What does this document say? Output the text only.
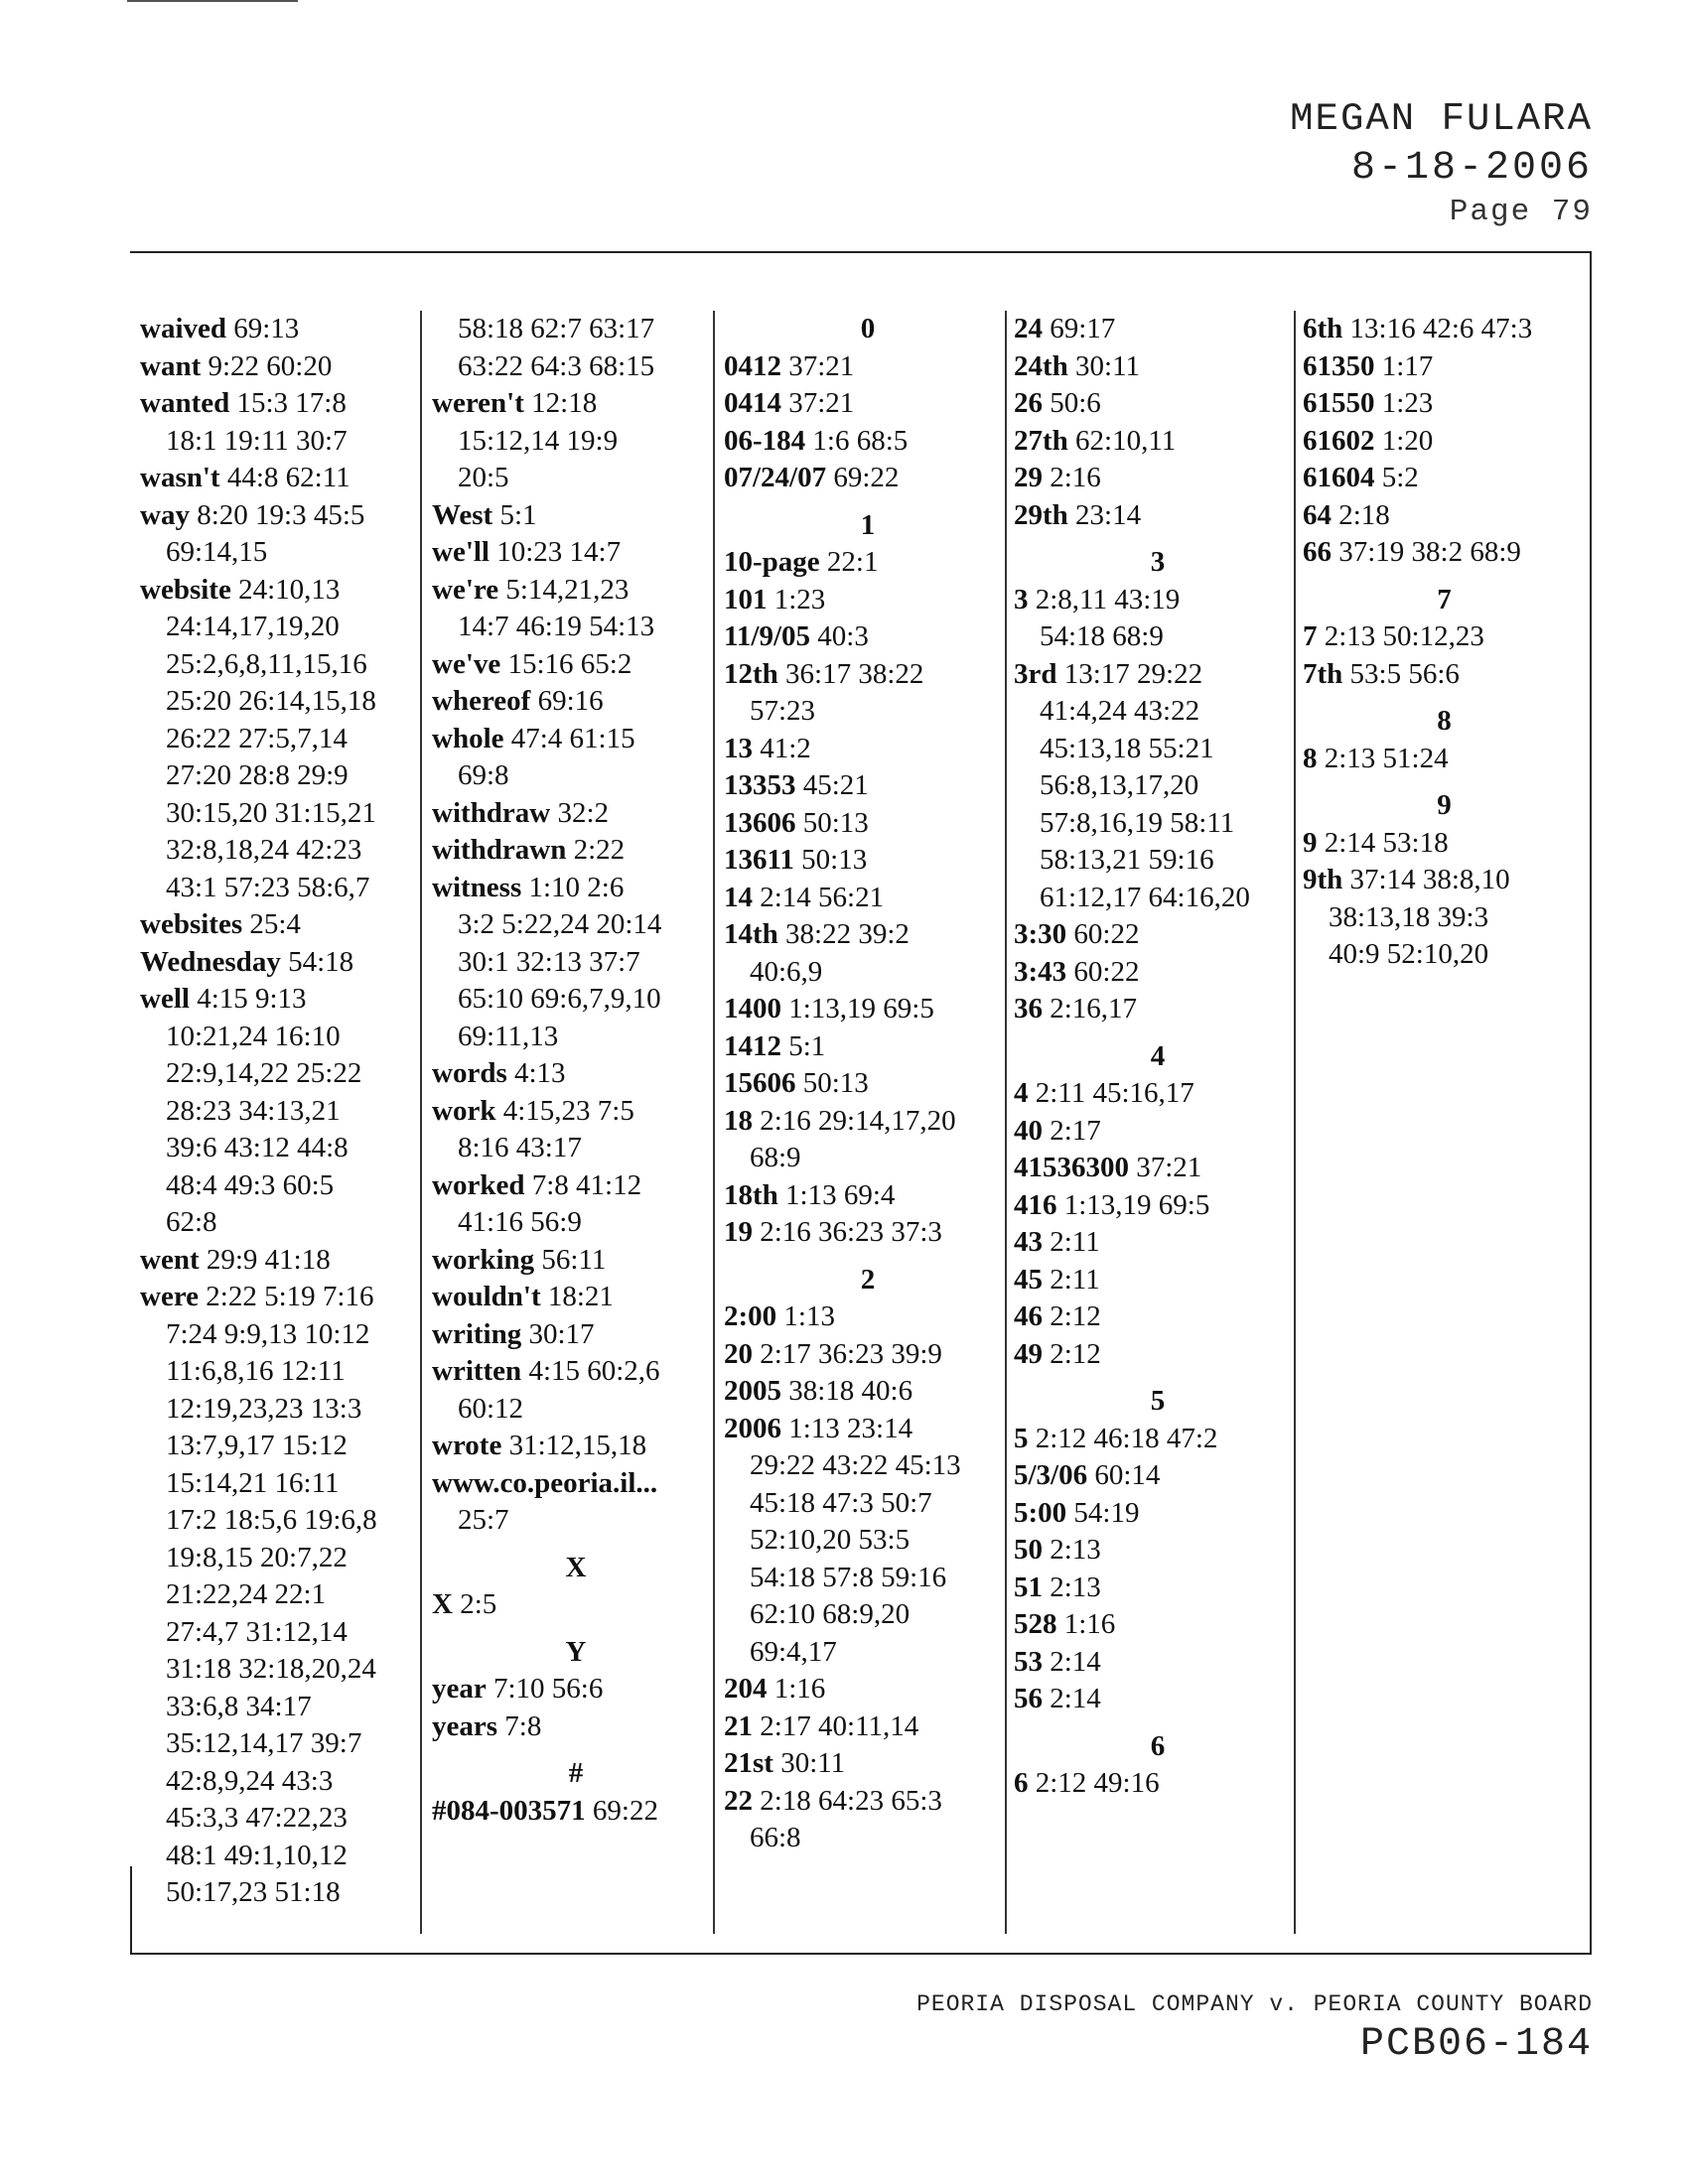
MEGAN FULARA
8-18-2006
Page 79
waived 69:13
want 9:22 60:20
wanted 15:3 17:8
18:1 19:11 30:7
wasn't 44:8 62:11
way 8:20 19:3 45:5
69:14,15
website 24:10,13
24:14,17,19,20
25:2,6,8,11,15,16
25:20 26:14,15,18
26:22 27:5,7,14
27:20 28:8 29:9
30:15,20 31:15,21
32:8,18,24 42:23
43:1 57:23 58:6,7
websites 25:4
Wednesday 54:18
well 4:15 9:13
10:21,24 16:10
22:9,14,22 25:22
28:23 34:13,21
39:6 43:12 44:8
48:4 49:3 60:5
62:8
went 29:9 41:18
were 2:22 5:19 7:16
7:24 9:9,13 10:12
11:6,8,16 12:11
12:19,23,23 13:3
13:7,9,17 15:12
15:14,21 16:11
17:2 18:5,6 19:6,8
19:8,15 20:7,22
21:22,24 22:1
27:4,7 31:12,14
31:18 32:18,20,24
33:6,8 34:17
35:12,14,17 39:7
42:8,9,24 43:3
45:3,3 47:22,23
48:1 49:1,10,12
50:17,23 51:18
58:18 62:7 63:17
63:22 64:3 68:15
weren't 12:18
15:12,14 19:9
20:5
West 5:1
we'll 10:23 14:7
we're 5:14,21,23
14:7 46:19 54:13
we've 15:16 65:2
whereof 69:16
whole 47:4 61:15
69:8
withdraw 32:2
withdrawn 2:22
witness 1:10 2:6
3:2 5:22,24 20:14
30:1 32:13 37:7
65:10 69:6,7,9,10
69:11,13
words 4:13
work 4:15,23 7:5
8:16 43:17
worked 7:8 41:12
41:16 56:9
working 56:11
wouldn't 18:21
writing 30:17
written 4:15 60:2,6
60:12
wrote 31:12,15,18
www.co.peoria.il...
25:7
X
X 2:5
Y
year 7:10 56:6
years 7:8
#
#084-003571 69:22
0
0412 37:21
0414 37:21
06-184 1:6 68:5
07/24/07 69:22
1
10-page 22:1
101 1:23
11/9/05 40:3
12th 36:17 38:22
57:23
13 41:2
13353 45:21
13606 50:13
13611 50:13
14 2:14 56:21
14th 38:22 39:2
40:6,9
1400 1:13,19 69:5
1412 5:1
15606 50:13
18 2:16 29:14,17,20
68:9
18th 1:13 69:4
19 2:16 36:23 37:3
2
2:00 1:13
20 2:17 36:23 39:9
2005 38:18 40:6
2006 1:13 23:14
29:22 43:22 45:13
45:18 47:3 50:7
52:10,20 53:5
54:18 57:8 59:16
62:10 68:9,20
69:4,17
204 1:16
21 2:17 40:11,14
21st 30:11
22 2:18 64:23 65:3
66:8
24 69:17
24th 30:11
26 50:6
27th 62:10,11
29 2:16
29th 23:14
3
3 2:8,11 43:19
54:18 68:9
3rd 13:17 29:22
41:4,24 43:22
45:13,18 55:21
56:8,13,17,20
57:8,16,19 58:11
58:13,21 59:16
61:12,17 64:16,20
3:30 60:22
3:43 60:22
36 2:16,17
4
4 2:11 45:16,17
40 2:17
41536300 37:21
416 1:13,19 69:5
43 2:11
45 2:11
46 2:12
49 2:12
5
5 2:12 46:18 47:2
5/3/06 60:14
5:00 54:19
50 2:13
51 2:13
528 1:16
53 2:14
56 2:14
6
6 2:12 49:16
6th 13:16 42:6 47:3
61350 1:17
61550 1:23
61602 1:20
61604 5:2
64 2:18
66 37:19 38:2 68:9
7
7 2:13 50:12,23
7th 53:5 56:6
8
8 2:13 51:24
9
9 2:14 53:18
9th 37:14 38:8,10
38:13,18 39:3
40:9 52:10,20
PEORIA DISPOSAL COMPANY v. PEORIA COUNTY BOARD
PCB06-184
